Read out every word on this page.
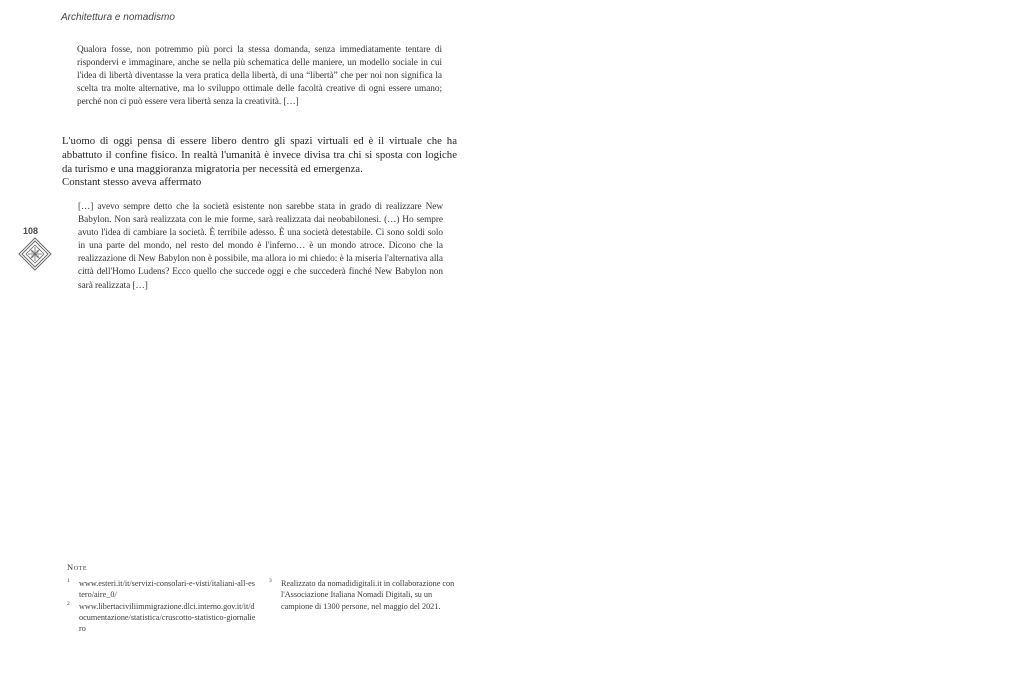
Architettura e nomadismo

Qualora fosse, non potremmo più porci la stessa domanda, senza immediatamente tentare di rispondervi e immaginare, anche se nella più schematica delle maniere, un modello sociale in cui l'idea di libertà diventasse la vera pratica della libertà, di una “libertà” che per noi non significa la scelta tra molte alternative, ma lo sviluppo ottimale delle facoltà creative di ogni essere umano; perché non ci può essere vera libertà senza la creatività. […]

L'uomo di oggi pensa di essere libero dentro gli spazi virtuali ed è il virtuale che ha abbattuto il confine fisico. In realtà l'umanità è invece divisa tra chi si sposta con logiche da turismo e una maggioranza migratoria per necessità ed emergenza.

Constant stesso aveva affermato

[…] avevo sempre detto che la società esistente non sarebbe stata in grado di realizzare New Babylon. Non sarà realizzata con le mie forme, sarà realizzata dai neobabilonesi. (…) Ho sempre avuto l'idea di cambiare la società. È terribile adesso. È una società detestabile. Ci sono soldi solo in una parte del mondo, nel resto del mondo è l'inferno… è un mondo atroce. Dicono che la realizzazione di New Babylon non è possibile, ma allora io mi chiedo: è la miseria l'alternativa alla città dell'Homo Ludens? Ecco quello che succede oggi e che succederà finché New Babylon non sarà realizzata […]

108

Note

1 www.esteri.it/it/servizi-consolari-e-visti/italiani-all-estero/aire_0/

2 www.libertaciviliimmigrazione.dlci.interno.gov.it/it/documentazione/statistica/cruscotto-statistico-giornaliero

3 Realizzato da nomadidigitali.it in collaborazione con l'Associazione Italiana Nomadi Digitali, su un campione di 1300 persone, nel maggio del 2021.
